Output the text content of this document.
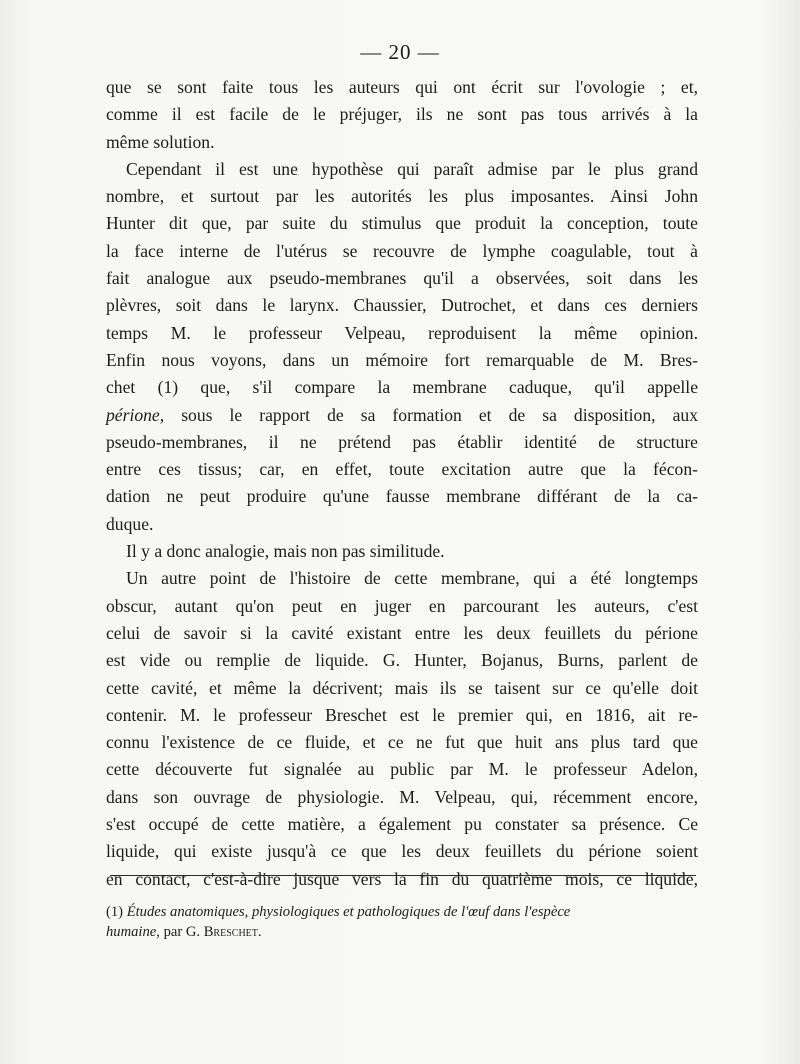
— 20 —
que se sont faite tous les auteurs qui ont écrit sur l'ovologie ; et,
comme il est facile de le préjuger, ils ne sont pas tous arrivés à la
même solution.
Cependant il est une hypothèse qui paraît admise par le plus grand
nombre, et surtout par les autorités les plus imposantes. Ainsi John
Hunter dit que, par suite du stimulus que produit la conception, toute
la face interne de l'utérus se recouvre de lymphe coagulable, tout à
fait analogue aux pseudo-membranes qu'il a observées, soit dans les
plèvres, soit dans le larynx. Chaussier, Dutrochet, et dans ces derniers
temps M. le professeur Velpeau, reproduisent la même opinion.
Enfin nous voyons, dans un mémoire fort remarquable de M. Bres-
chet (1) que, s'il compare la membrane caduque, qu'il appelle
périone, sous le rapport de sa formation et de sa disposition, aux
pseudo-membranes, il ne prétend pas établir identité de structure
entre ces tissus; car, en effet, toute excitation autre que la fécon-
dation ne peut produire qu'une fausse membrane différant de la ca-
duque.
Il y a donc analogie, mais non pas similitude.
Un autre point de l'histoire de cette membrane, qui a été longtemps
obscur, autant qu'on peut en juger en parcourant les auteurs, c'est
celui de savoir si la cavité existant entre les deux feuillets du périone
est vide ou remplie de liquide. G. Hunter, Bojanus, Burns, parlent de
cette cavité, et même la décrivent; mais ils se taisent sur ce qu'elle doit
contenir. M. le professeur Breschet est le premier qui, en 1816, ait re-
connu l'existence de ce fluide, et ce ne fut que huit ans plus tard que
cette découverte fut signalée au public par M. le professeur Adelon,
dans son ouvrage de physiologie. M. Velpeau, qui, récemment encore,
s'est occupé de cette matière, a également pu constater sa présence. Ce
liquide, qui existe jusqu'à ce que les deux feuillets du périone soient
en contact, c'est-à-dire jusque vers la fin du quatrième mois, ce liquide,
(1) Études anatomiques, physiologiques et pathologiques de l'œuf dans l'espèce
humaine, par G. Breschet.
